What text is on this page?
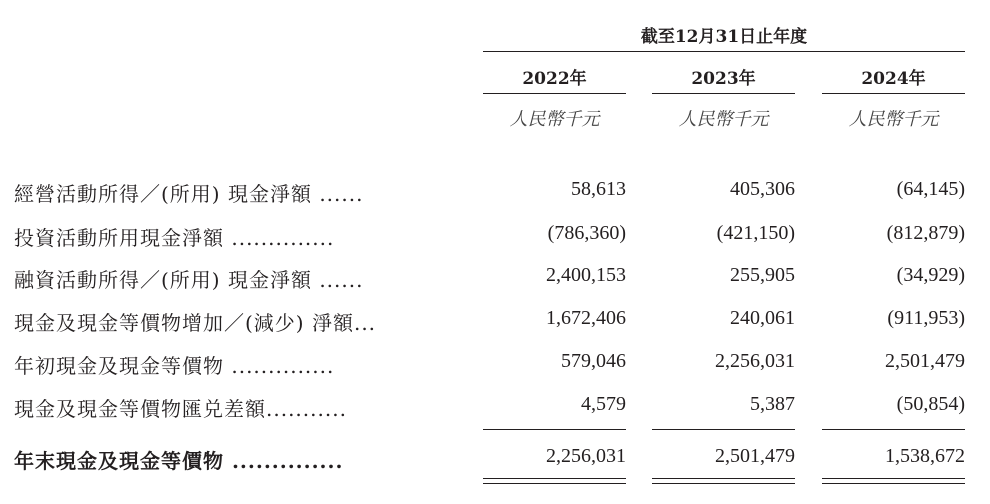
截至12月31日止年度
2022年	2023年	2024年
人民幣千元	人民幣千元	人民幣千元
經營活動所得／(所用) 現金淨額 ......	58,613	405,306	(64,145)
投資活動所用現金淨額 ..............	(786,360)	(421,150)	(812,879)
融資活動所得／(所用) 現金淨額 ......	2,400,153	255,905	(34,929)
現金及現金等價物增加／(減少) 淨額...	1,672,406	240,061	(911,953)
年初現金及現金等價物 ..............	579,046	2,256,031	2,501,479
現金及現金等價物匯兑差額...........	4,579	5,387	(50,854)
年末現金及現金等價物 ..............	2,256,031	2,501,479	1,538,672
